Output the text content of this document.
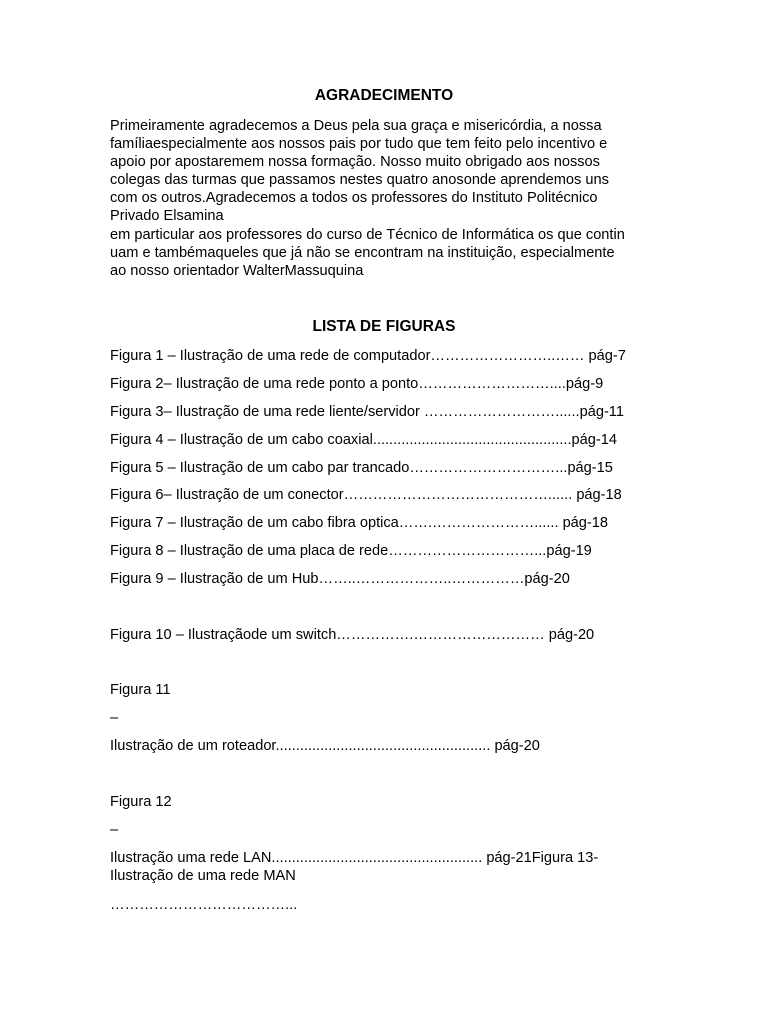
AGRADECIMENTO
Primeiramente agradecemos a Deus pela sua graça e misericórdia, a nossa
famíliaespecialmente aos nossos pais por tudo que tem feito pelo incentivo e
apoio por apostaremem nossa formação. Nosso muito obrigado aos nossos
colegas das turmas que passamos nestes quatro anosonde aprendemos uns
com os outros.Agradecemos a todos os professores do Instituto Politécnico
Privado Elsamina
em particular aos professores do curso de Técnico de Informática os que contin
uam e tambémaqueles que já não se encontram na instituição, especialmente
ao nosso orientador WalterMassuquina
LISTA DE FIGURAS
Figura 1 – Ilustração de uma rede de computador……………………..…… pág-7
Figura 2– Ilustração de uma rede ponto a ponto………………………....pág-9
Figura 3– Ilustração de uma rede liente/servidor ………………………......pág-11
Figura 4 – Ilustração de um cabo coaxial.................................................pág-14
Figura 5 – Ilustração de um cabo par trancado…………………………...pág-15
Figura 6– Ilustração de um conector……………………………………...... pág-18
Figura 7 – Ilustração de um cabo fibra optica…….…………………...... pág-18
Figura 8 – Ilustração de uma placa de rede…………………………...pág-19
Figura 9 – Ilustração de um Hub……..………………..……………pág-20
Figura 10 – Ilustraçãode um switch…………….……………………… pág-20
Figura 11
–
Ilustração de um roteador..................................................... pág-20
Figura 12
–
Ilustração uma rede LAN.................................................... pág-21Figura 13-
Ilustração de uma rede MAN
………………………………...
